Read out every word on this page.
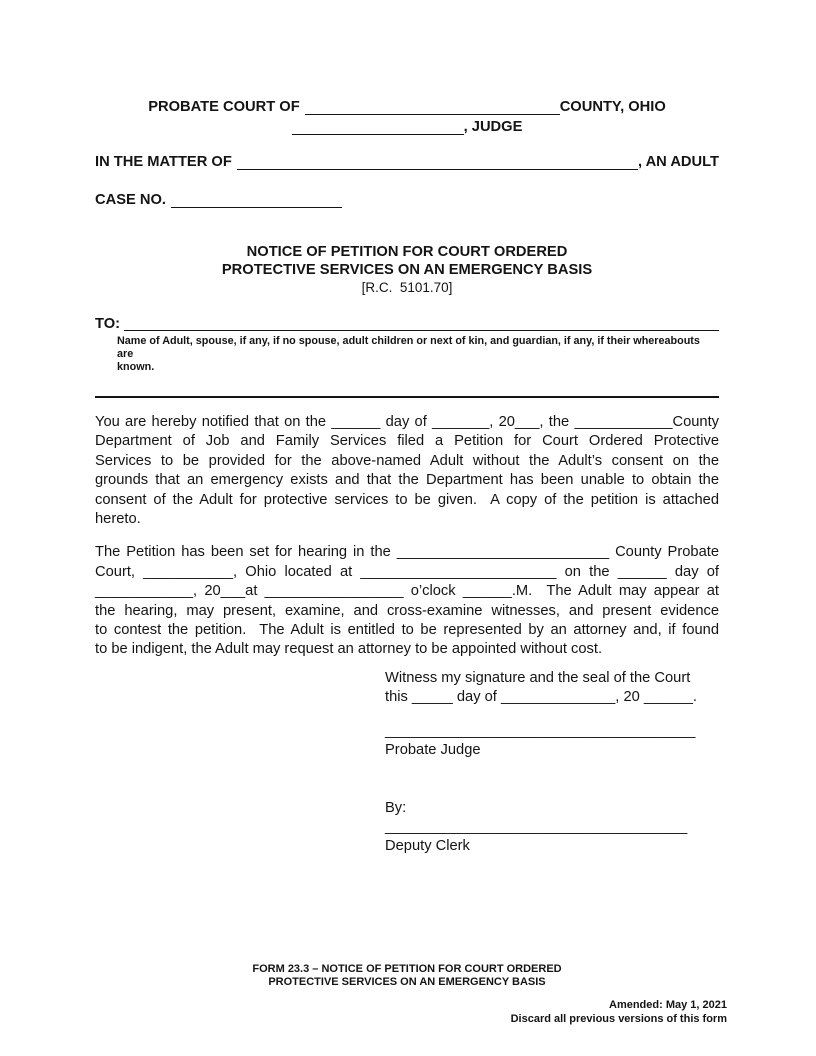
PROBATE COURT OF	COUNTY, OHIO
, JUDGE
IN THE MATTER OF	, AN ADULT
CASE NO.
NOTICE OF PETITION FOR COURT ORDERED
PROTECTIVE SERVICES ON AN EMERGENCY BASIS
[R.C.  5101.70]
TO:
Name of Adult, spouse, if any, if no spouse, adult children or next of kin, and guardian, if any, if their whereabouts are
known.
You are hereby notified that on the ______ day of _______, 20___, the ____________County
Department of Job and Family Services filed a Petition for Court Ordered Protective
Services to be provided for the above-named Adult without the Adult’s consent on the
grounds that an emergency exists and that the Department has been unable to obtain the
consent of the Adult for protective services to be given.  A copy of the petition is attached
hereto.
The Petition has been set for hearing in the __________________________ County Probate
Court, ___________, Ohio located at ________________________ on the ______ day of
____________, 20___at _________________ o’clock ______.M.  The Adult may appear at
the hearing, may present, examine, and cross-examine witnesses, and present evidence
to contest the petition.  The Adult is entitled to be represented by an attorney and, if found
to be indigent, the Adult may request an attorney to be appointed without cost.
Witness my signature and the seal of the Court
this _____ day of ______________, 20 ______.
______________________________________
Probate Judge
By:
_____________________________________
Deputy Clerk
FORM 23.3 – NOTICE OF PETITION FOR COURT ORDERED
PROTECTIVE SERVICES ON AN EMERGENCY BASIS
Amended: May 1, 2021
Discard all previous versions of this form
